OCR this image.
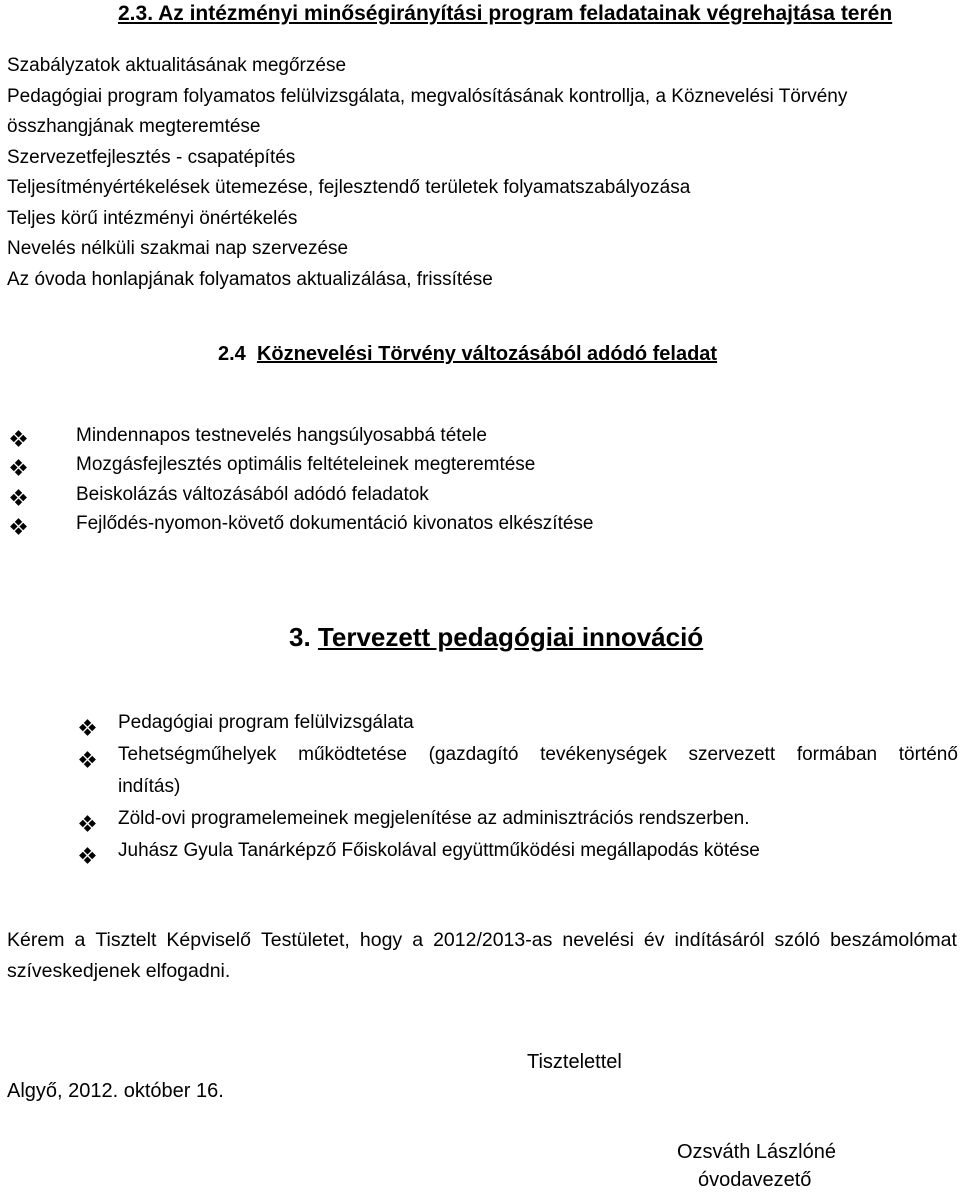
2.3. Az intézményi minőségirányítási program feladatainak végrehajtása terén
Szabályzatok aktualitásának megőrzése
Pedagógiai program folyamatos felülvizsgálata, megvalósításának kontrollja, a Köznevelési Törvény
összhangjának megteremtése
Szervezetfejlesztés - csapatépítés
Teljesítményértékelések ütemezése, fejlesztendő területek folyamatszabályozása
Teljes körű intézményi önértékelés
Nevelés nélküli szakmai nap szervezése
Az óvoda honlapjának folyamatos aktualizálása, frissítése
2.4 Köznevelési Törvény változásából adódó feladat
Mindennapos testnevelés hangsúlyosabbá tétele
Mozgásfejlesztés optimális feltételeinek megteremtése
Beiskolázás változásából adódó feladatok
Fejlődés-nyomon-követő dokumentáció kivonatos elkészítése
3. Tervezett pedagógiai innováció
Pedagógiai program felülvizsgálata
Tehetségműhelyek működtetése (gazdagító tevékenységek szervezett formában történő
indítás)
Zöld-ovi programelemeinek megjelenítése az adminisztrációs rendszerben.
Juhász Gyula Tanárképző Főiskolával együttműködési megállapodás kötése
Kérem a Tisztelt Képviselő Testületet, hogy a 2012/2013-as nevelési év indításáról szóló beszámolómat
szíveskedjenek elfogadni.
Tisztelettel
Algyő, 2012. október 16.
Ozsváth Lászlóné
óvodavezető
